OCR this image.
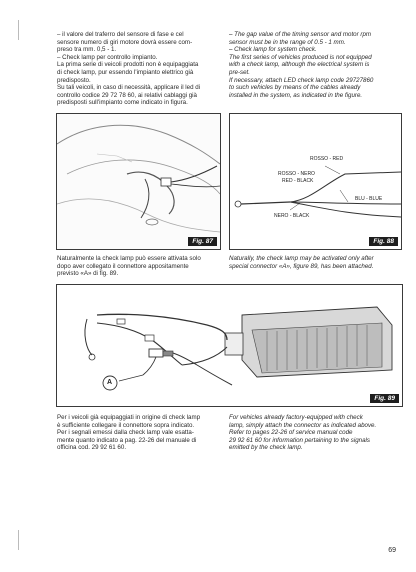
– il valore del traferro del sensore di fase e cel

sensore numero di giri motore dovrà essere com-

preso tra mm. 0,5 - 1.

– Check lamp per controllo impianto.

La prima serie di veicoli prodotti non è equipaggiata

di check lamp, pur essendo l'impianto elettrico già

predisposto.

Su tali veicoli, in caso di necessità, applicare il led di

controllo codice 29 72 78 60, ai relativi cablaggi già

predisposti sull'impianto come indicato in figura.

– The gap value of the timing sensor and motor rpm

sensor must be in the range of 0.5 - 1 mm.

– Check lamp for system check.

The first series of vehicles produced is not equipped

with a check lamp, although the electrical system is

pre-set.

If necessary, attach LED check lamp code 29727860

to such vehicles by means of the cables already

installed in the system, as indicated in the figure.

Fig. 87
ROSSO - RED
ROSSO - NERO
RED - BLACK
BLU - BLUE
NERO - BLACK
Fig. 88

Naturalmente la check lamp può essere attivata solo

dopo aver collegato il connettore appositamente

previsto «A» di fig. 89.

Naturally, the check lamp may be activated only after

special connector «A», figure 89, has been attached.

A
Fig. 89

Per i veicoli già equipaggiati in origine di check lamp

è sufficiente collegare il connettore sopra indicato.

Per i segnali emessi dalla check lamp vale esatta-

mente quanto indicato a pag. 22-26 del manuale di

officina cod. 29 92 61 60.

For vehicles already factory-equipped with check

lamp, simply attach the connector as indicated above.

Refer to pages 22-26 of service manual code

29 92 61 60 for information pertaining to the signals

emitted by the check lamp.

69
